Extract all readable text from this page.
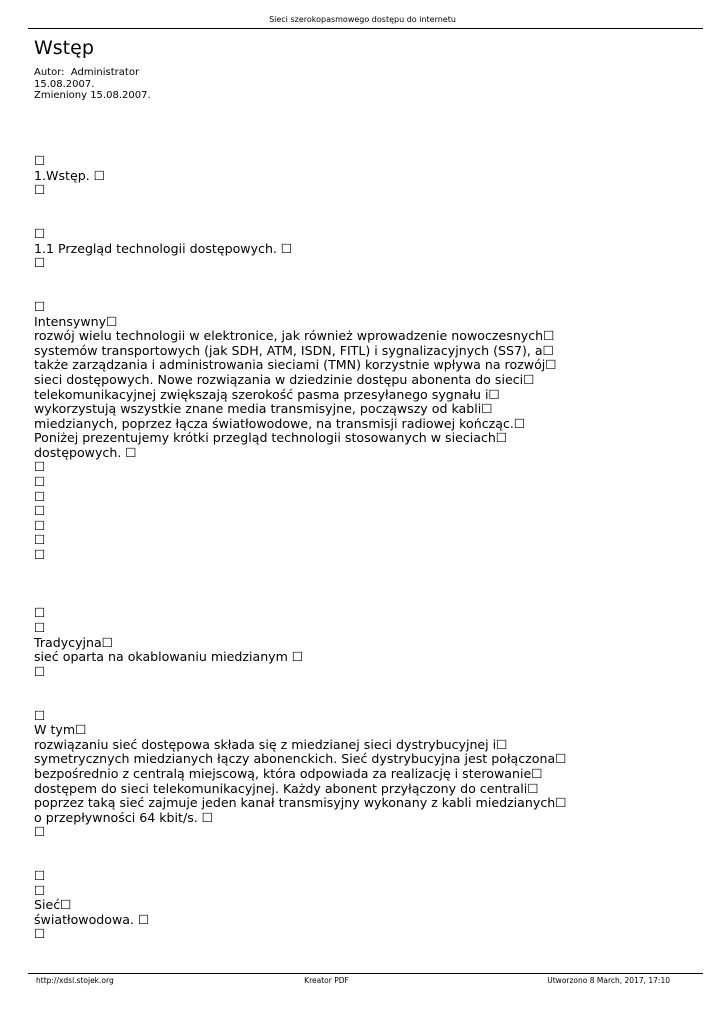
Sieci szerokopasmowego dostępu do internetu
Wstęp
Autor:  Administrator
15.08.2007.
Zmieniony 15.08.2007.
☐
1.Wstęp. ☐
☐
☐
1.1 Przegląd technologii dostępowych. ☐
☐
☐
Intensywny☐
rozwój wielu technologii w elektronice, jak również wprowadzenie nowoczesnych☐
systemów transportowych (jak SDH, ATM, ISDN, FITL) i sygnalizacyjnych (SS7), a☐
także zarządzania i administrowania sieciami (TMN) korzystnie wpływa na rozwój☐
sieci dostępowych. Nowe rozwiązania w dziedzinie dostępu abonenta do sieci☐
telekomunikacyjnej zwiększają szerokość pasma przesyłanego sygnału i☐
wykorzystują wszystkie znane media transmisyjne, począwszy od kabli☐
miedzianych, poprzez łącza światłowodowe, na transmisji radiowej kończąc.☐
Poniżej prezentujemy krótki przegląd technologii stosowanych w sieciach☐
dostępowych. ☐
☐
☐
☐
☐
☐
☐
☐
☐
☐
Tradycyjna☐
sieć oparta na okablowaniu miedzianym ☐
☐
☐
W tym☐
rozwiązaniu sieć dostępowa składa się z miedzianej sieci dystrybucyjnej i☐
symetrycznych miedzianych łączy abonenckich. Sieć dystrybucyjna jest połączona☐
bezpośrednio z centralą miejscową, która odpowiada za realizację i sterowanie☐
dostępem do sieci telekomunikacyjnej. Każdy abonent przyłączony do centrali☐
poprzez taką sieć zajmuje jeden kanał transmisyjny wykonany z kabli miedzianych☐
o przepływności 64 kbit/s. ☐
☐
☐
☐
Sieć☐
światłowodowa. ☐
☐
http://xdsl.stojek.org	Kreator PDF	Utworzono 8 March, 2017, 17:10
